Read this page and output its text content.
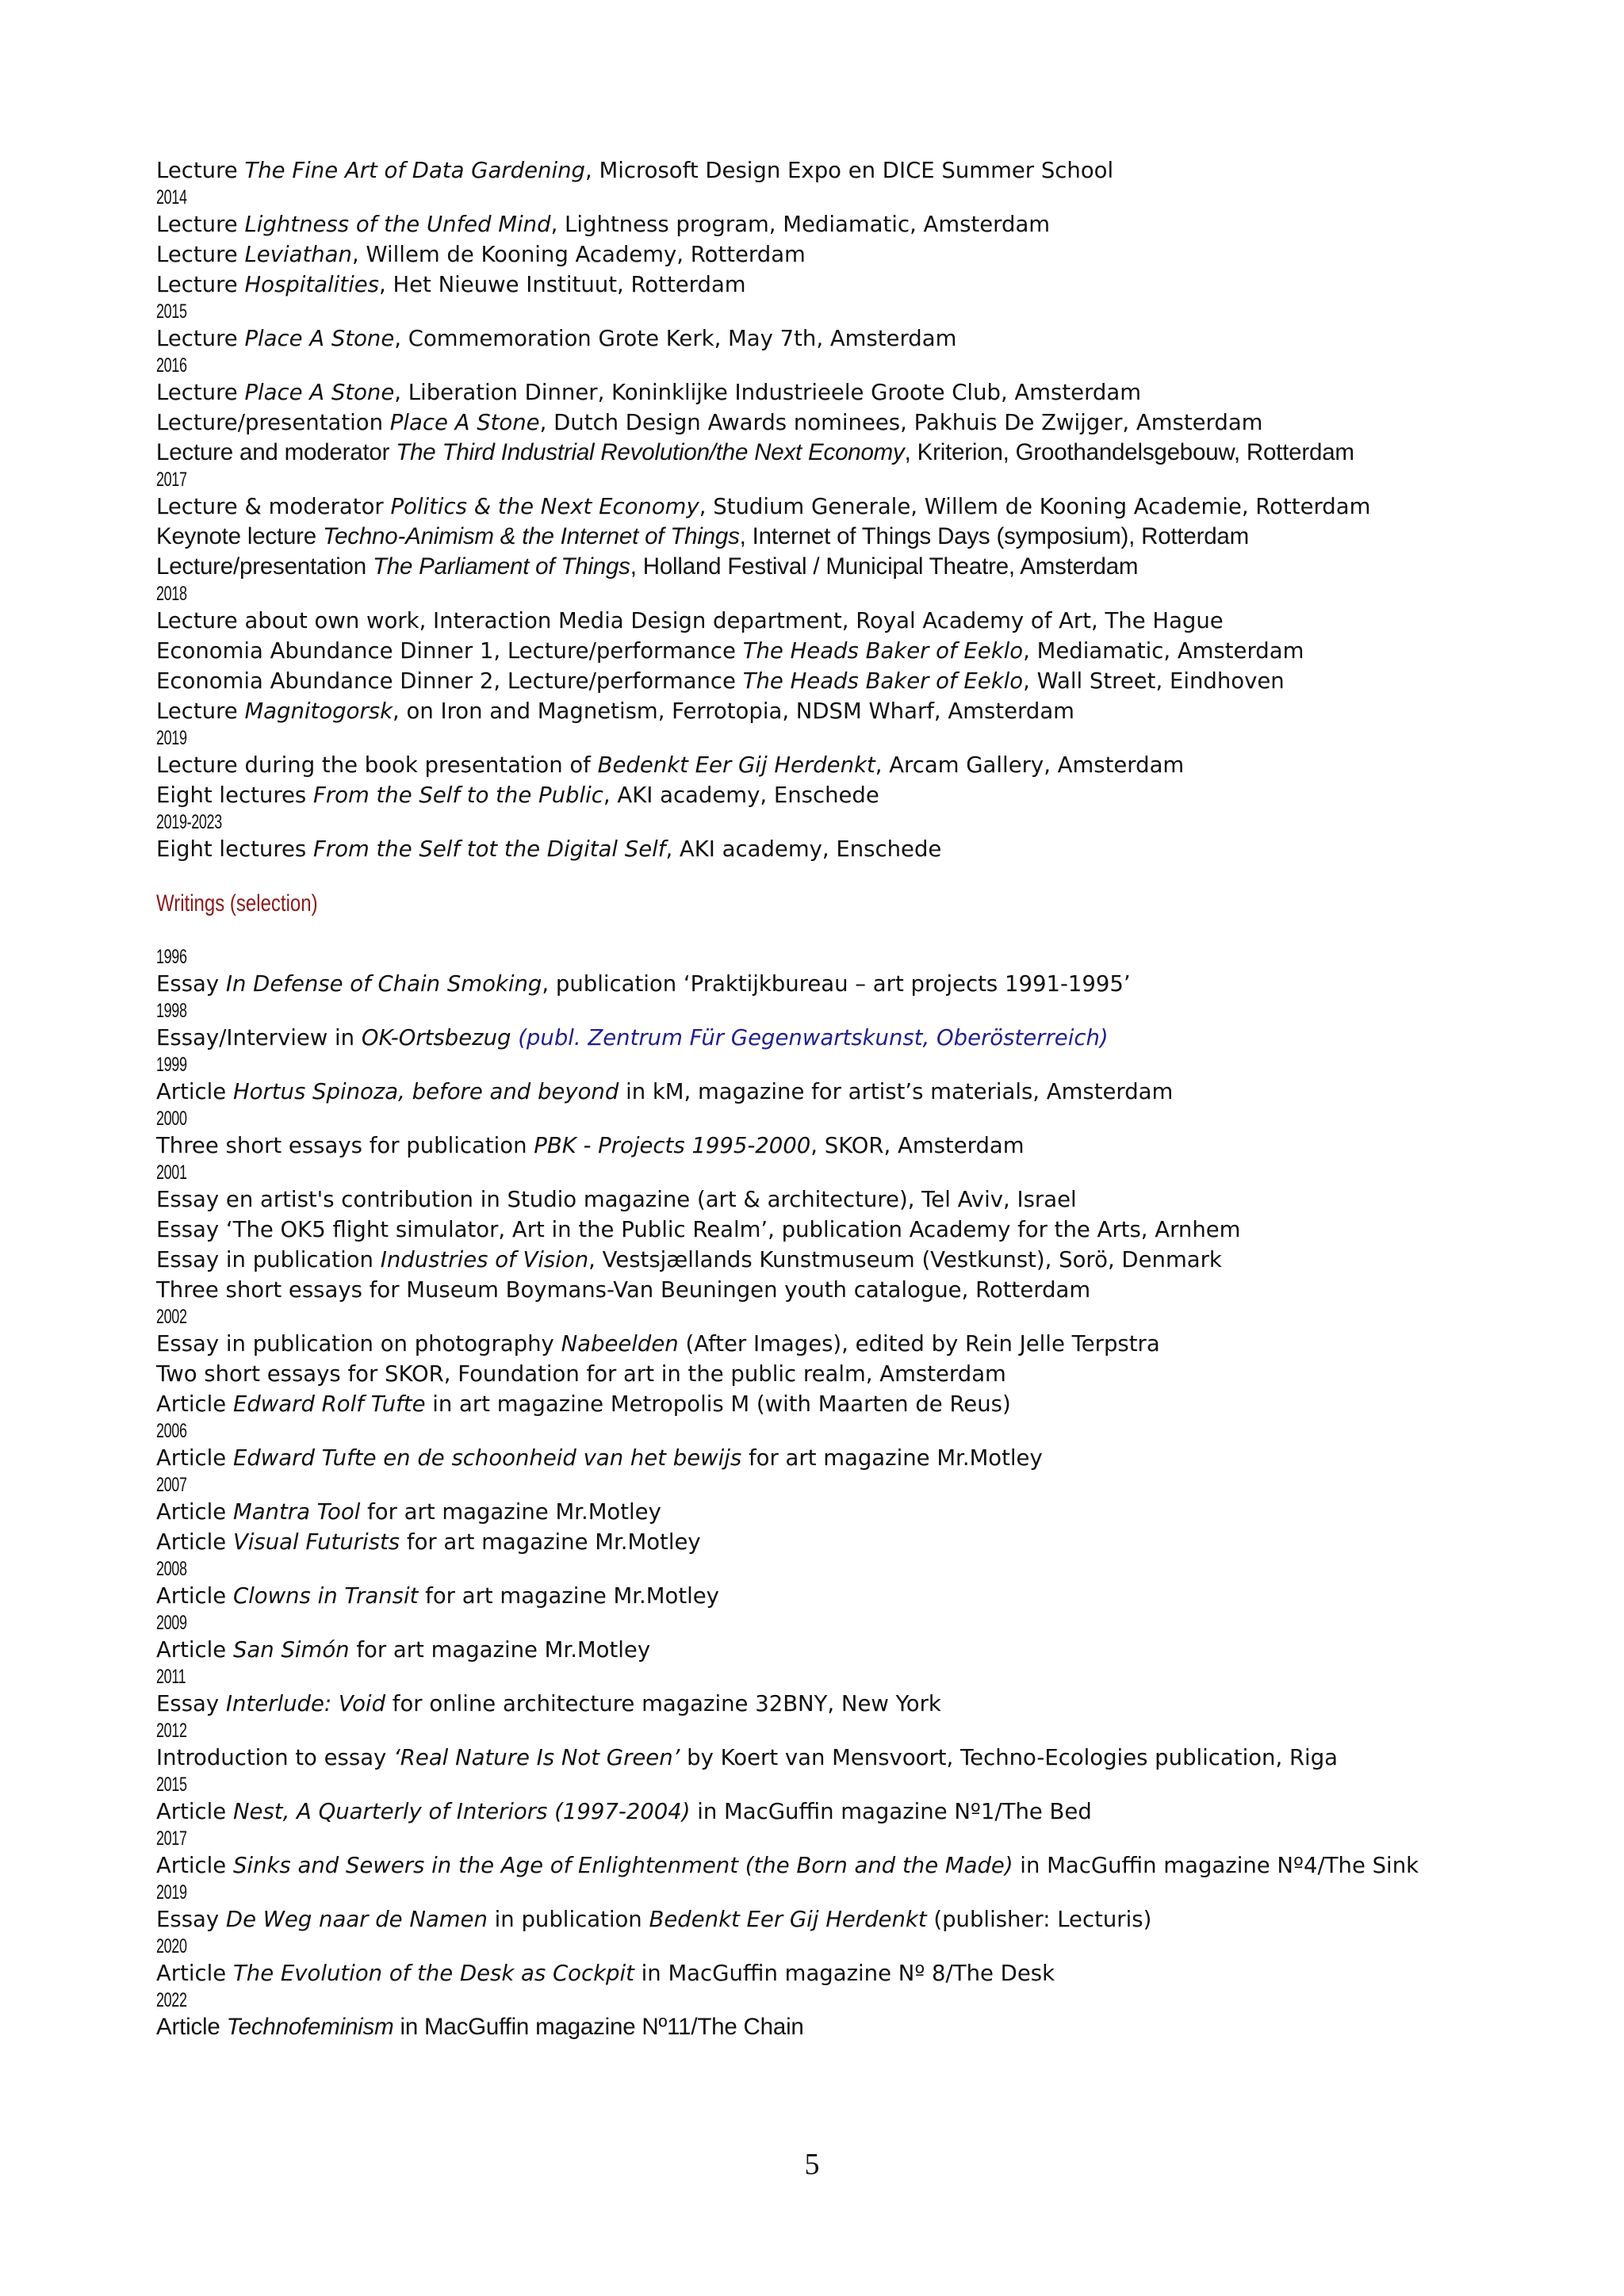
Lecture The Fine Art of Data Gardening, Microsoft Design Expo en DICE Summer School
2014
Lecture Lightness of the Unfed Mind, Lightness program, Mediamatic, Amsterdam
Lecture Leviathan, Willem de Kooning Academy, Rotterdam
Lecture Hospitalities, Het Nieuwe Instituut, Rotterdam
2015
Lecture Place A Stone, Commemoration Grote Kerk, May 7th, Amsterdam
2016
Lecture Place A Stone, Liberation Dinner, Koninklijke Industrieele Groote Club, Amsterdam
Lecture/presentation Place A Stone, Dutch Design Awards nominees, Pakhuis De Zwijger, Amsterdam
Lecture and moderator The Third Industrial Revolution/the Next Economy, Kriterion, Groothandelsgebouw, Rotterdam
2017
Lecture & moderator Politics & the Next Economy, Studium Generale, Willem de Kooning Academie, Rotterdam
Keynote lecture Techno-Animism & the Internet of Things, Internet of Things Days (symposium), Rotterdam
Lecture/presentation The Parliament of Things, Holland Festival / Municipal Theatre, Amsterdam
2018
Lecture about own work, Interaction Media Design department, Royal Academy of Art, The Hague
Economia Abundance Dinner 1, Lecture/performance The Heads Baker of Eeklo, Mediamatic, Amsterdam
Economia Abundance Dinner 2, Lecture/performance The Heads Baker of Eeklo, Wall Street, Eindhoven
Lecture Magnitogorsk, on Iron and Magnetism, Ferrotopia, NDSM Wharf, Amsterdam
2019
Lecture during the book presentation of Bedenkt Eer Gij Herdenkt, Arcam Gallery, Amsterdam
Eight lectures From the Self to the Public, AKI academy, Enschede
2019-2023
Eight lectures From the Self tot the Digital Self, AKI academy, Enschede
Writings (selection)
1996
Essay In Defense of Chain Smoking, publication ‘Praktijkbureau – art projects 1991-1995’
1998
Essay/Interview in OK-Ortsbezug (publ. Zentrum Für Gegenwartskunst, Oberösterreich)
1999
Article Hortus Spinoza, before and beyond in kM, magazine for artist’s materials, Amsterdam
2000
Three short essays for publication PBK - Projects 1995-2000, SKOR, Amsterdam
2001
Essay en artist's contribution in Studio magazine (art & architecture), Tel Aviv, Israel
Essay ‘The OK5 flight simulator, Art in the Public Realm’, publication Academy for the Arts, Arnhem
Essay in publication Industries of Vision, Vestsjællands Kunstmuseum (Vestkunst), Sorö, Denmark
Three short essays for Museum Boymans-Van Beuningen youth catalogue, Rotterdam
2002
Essay in publication on photography Nabeelden (After Images), edited by Rein Jelle Terpstra
Two short essays for SKOR, Foundation for art in the public realm, Amsterdam
Article Edward Rolf Tufte in art magazine Metropolis M (with Maarten de Reus)
2006
Article Edward Tufte en de schoonheid van het bewijs for art magazine Mr.Motley
2007
Article Mantra Tool for art magazine Mr.Motley
Article Visual Futurists for art magazine Mr.Motley
2008
Article Clowns in Transit for art magazine Mr.Motley
2009
Article San Simón for art magazine Mr.Motley
2011
Essay Interlude: Void for online architecture magazine 32BNY, New York
2012
Introduction to essay ‘Real Nature Is Not Green’ by Koert van Mensvoort, Techno-Ecologies publication, Riga
2015
Article Nest, A Quarterly of Interiors (1997-2004) in MacGuffin magazine Nº1/The Bed
2017
Article Sinks and Sewers in the Age of Enlightenment (the Born and the Made) in MacGuffin magazine Nº4/The Sink
2019
Essay De Weg naar de Namen in publication Bedenkt Eer Gij Herdenkt (publisher: Lecturis)
2020
Article The Evolution of the Desk as Cockpit in MacGuffin magazine Nº 8/The Desk
2022
Article Technofeminism in MacGuffin magazine Nº11/The Chain
5
